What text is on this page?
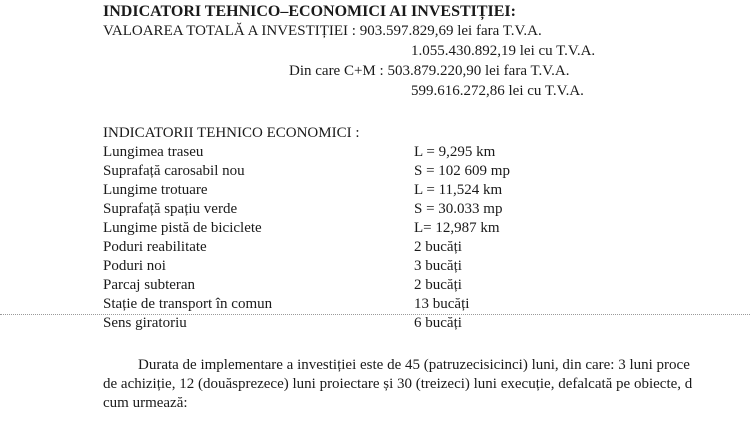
INDICATORI TEHNICO–ECONOMICI AI INVESTIȚIEI:
VALOAREA TOTALĂ A INVESTIȚIEI : 903.597.829,69 lei fara T.V.A.
1.055.430.892,19 lei cu T.V.A.
Din care C+M : 503.879.220,90 lei fara T.V.A.
599.616.272,86 lei cu T.V.A.
INDICATORII TEHNICO ECONOMICI :
Lungimea traseu	L = 9,295 km
Suprafață carosabil nou	S = 102 609 mp
Lungime trotuare	L = 11,524 km
Suprafață spațiu verde	S = 30.033 mp
Lungime pistă de biciclete	L= 12,987 km
Poduri reabilitate	2 bucăți
Poduri noi	3 bucăți
Parcaj subteran	2 bucăți
Stație de transport în comun	13 bucăți
Sens giratoriu	6 bucăți
Durata de implementare a investiției este de 45 (patruzecisicinci) luni, din care: 3 luni proce
de achiziție, 12 (douăsprezece) luni proiectare și 30 (treizeci) luni execuție, defalcată pe obiecte, d
cum urmează:
